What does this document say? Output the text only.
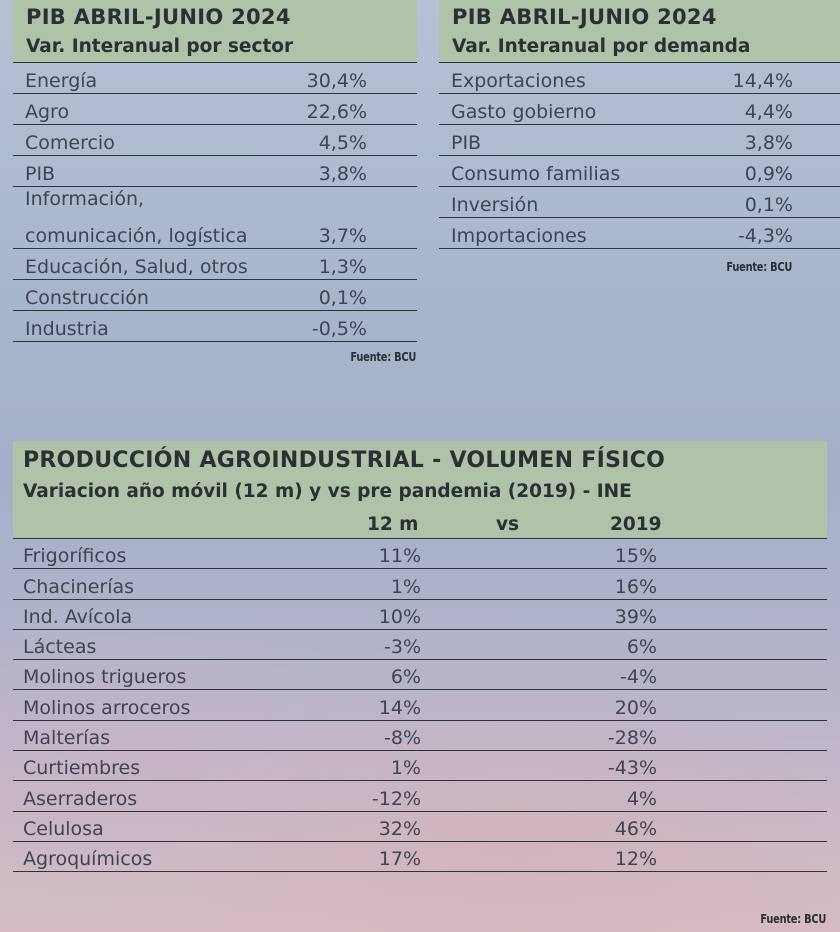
PIB ABRIL-JUNIO 2024
Var. Interanual por sector
Energía	30,4%
Agro	22,6%
Comercio	4,5%
PIB	3,8%
Información,
comunicación, logística	3,7%
Educación, Salud, otros	1,3%
Construcción	0,1%
Industria	-0,5%
Fuente: BCU
PIB ABRIL-JUNIO 2024
Var. Interanual por demanda
Exportaciones	14,4%
Gasto gobierno	4,4%
PIB	3,8%
Consumo familias	0,9%
Inversión	0,1%
Importaciones	-4,3%
Fuente: BCU
PRODUCCIÓN AGROINDUSTRIAL - VOLUMEN FÍSICO
Variacion año móvil (12 m) y vs pre pandemia (2019) - INE
12 m	vs	2019
Frigoríficos	11%	15%
Chacinerías	1%	16%
Ind. Avícola	10%	39%
Lácteas	-3%	6%
Molinos trigueros	6%	-4%
Molinos arroceros	14%	20%
Malterías	-8%	-28%
Curtiembres	1%	-43%
Aserraderos	-12%	4%
Celulosa	32%	46%
Agroquímicos	17%	12%
Fuente: BCU
